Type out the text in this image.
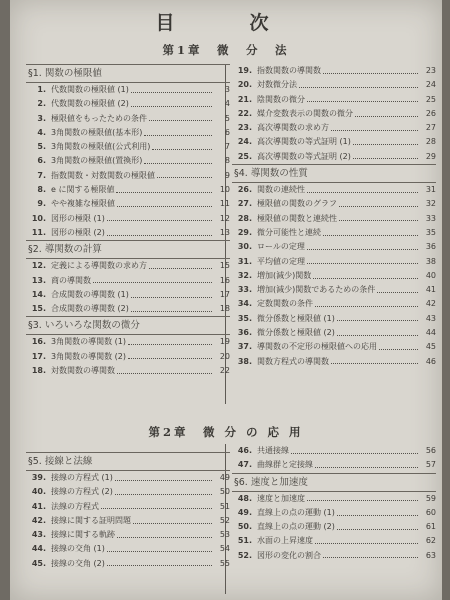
目　次
第1章　微　分　法
§1. 関数の極限値
1. 代数関数の極限値 (1)	3
2. 代数関数の極限値 (2)	4
3. 極限値をもったための条件	5
4. 3角関数の極限値(基本形)	6
5. 3角関数の極限値(公式利用)	7
6. 3角関数の極限値(置換形)	8
7. 指数関数・対数関数の極限値	9
8. e に関する極限値	10
9. やや複雑な極限値	11
10. 図形の極限 (1)	12
11. 図形の極限 (2)	13
§2. 導関数の計算
12. 定義による導関数の求め方	15
13. 商の導関数	16
14. 合成関数の導関数 (1)	17
15. 合成関数の導関数 (2)	18
§3. いろいろな関数の微分
16. 3角関数の導関数 (1)	19
17. 3角関数の導関数 (2)	20
18. 対数関数の導関数	22
19. 指数関数の導関数	23
20. 対数微分法	24
21. 陰関数の微分	25
22. 媒介変数表示の関数の微分	26
23. 高次導関数の求め方	27
24. 高次導関数の等式証明 (1)	28
25. 高次導関数の等式証明 (2)	29
§4. 導関数の性質
26. 関数の連続性	31
27. 極限値の関数のグラフ	32
28. 極限値の関数と連続性	33
29. 微分可能性と連続	35
30. ロールの定理	36
31. 平均値の定理	38
32. 増加(減少)関数	40
33. 増加(減少)関数であるための条件	41
34. 定数関数の条件	42
35. 微分係数と極限値 (1)	43
36. 微分係数と極限値 (2)	44
37. 導関数の不定形の極限値への応用	45
38. 関数方程式の導関数	46
第2章　微 分 の 応 用
§5. 接線と法線
39. 接線の方程式 (1)	49
40. 接線の方程式 (2)	50
41. 法線の方程式	51
42. 接線に関する証明問題	52
43. 接線に関する軌跡	53
44. 接線の交角 (1)	54
45. 接線の交角 (2)	55
46. 共通接線	56
47. 曲線群と定接線	57
§6. 速度と加速度
48. 速度と加速度	59
49. 直線上の点の運動 (1)	60
50. 直線上の点の運動 (2)	61
51. 水面の上昇速度	62
52. 図形の変化の割合	63
